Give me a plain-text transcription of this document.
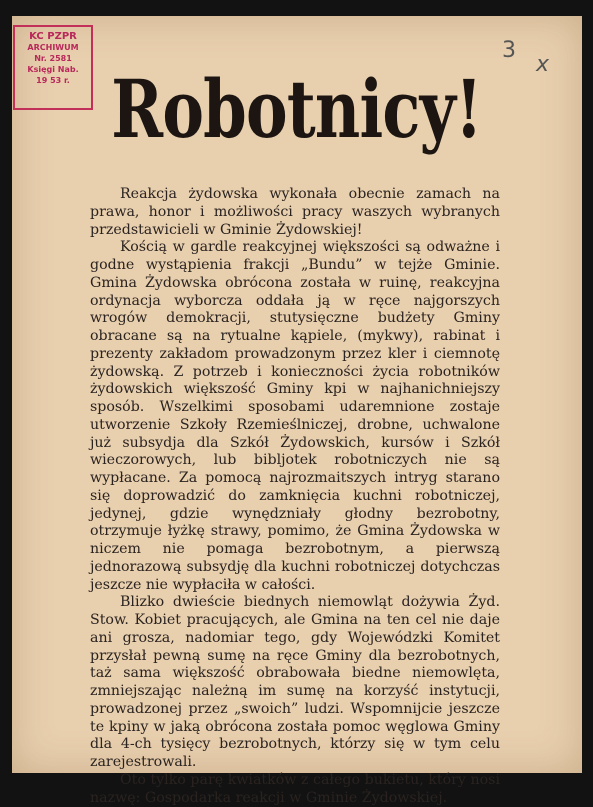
KC PZPR
ARCHIWUM
Nr. 2581
Księgi Nab.
19 53 r.
3
x
Robotnicy!

Reakcja żydowska wykonała obecnie zamach na prawa, honor i możliwości pracy waszych wybranych przedstawicieli w Gminie Żydowskiej!

Kością w gardle reakcyjnej większości są odważne i godne wystąpienia frakcji „Bundu” w tejże Gminie. Gmina Żydowska obrócona została w ruinę, reakcyjna ordynacja wyborcza oddała ją w ręce najgorszych wrogów demokracji, stutysięczne budżety Gminy obracane są na rytualne kąpiele, (mykwy), rabinat i prezenty zakładom prowadzonym przez kler i ciemnotę żydowską. Z potrzeb i konieczności życia robotników żydowskich większość Gminy kpi w najhanichniejszy sposób. Wszelkimi sposobami udaremnione zostaje utworzenie Szkoły Rzemieślniczej, drobne, uchwalone już subsydja dla Szkół Żydowskich, kursów i Szkół wieczorowych, lub bibljotek robotniczych nie są wypłacane. Za pomocą najrozmaitszych intryg starano się doprowadzić do zamknięcia kuchni robotniczej, jedynej, gdzie wynędzniały głodny bezrobotny, otrzymuje łyżkę strawy, pomimo, że Gmina Żydowska w niczem nie pomaga bezrobotnym, a pierwszą jednorazową subsydję dla kuchni robotniczej dotychczas jeszcze nie wypłaciła w całości.

Blizko dwieście biednych niemowląt dożywia Żyd. Stow. Kobiet pracujących, ale Gmina na ten cel nie daje ani grosza, nadomiar tego, gdy Wojewódzki Komitet przysłał pewną sumę na ręce Gminy dla bezrobotnych, taż sama większość obrabowała biedne niemowlęta, zmniejszając należną im sumę na korzyść instytucji, prowadzonej przez „swoich” ludzi. Wspomnijcie jeszcze te kpiny w jaką obrócona została pomoc węglowa Gminy dla 4-ch tysięcy bezrobotnych, którzy się w tym celu zarejestrowali.

Oto tylko parę kwiatków z całego bukietu, który nosi nazwę: Gospodarka reakcji w Gminie Żydowskiej.
